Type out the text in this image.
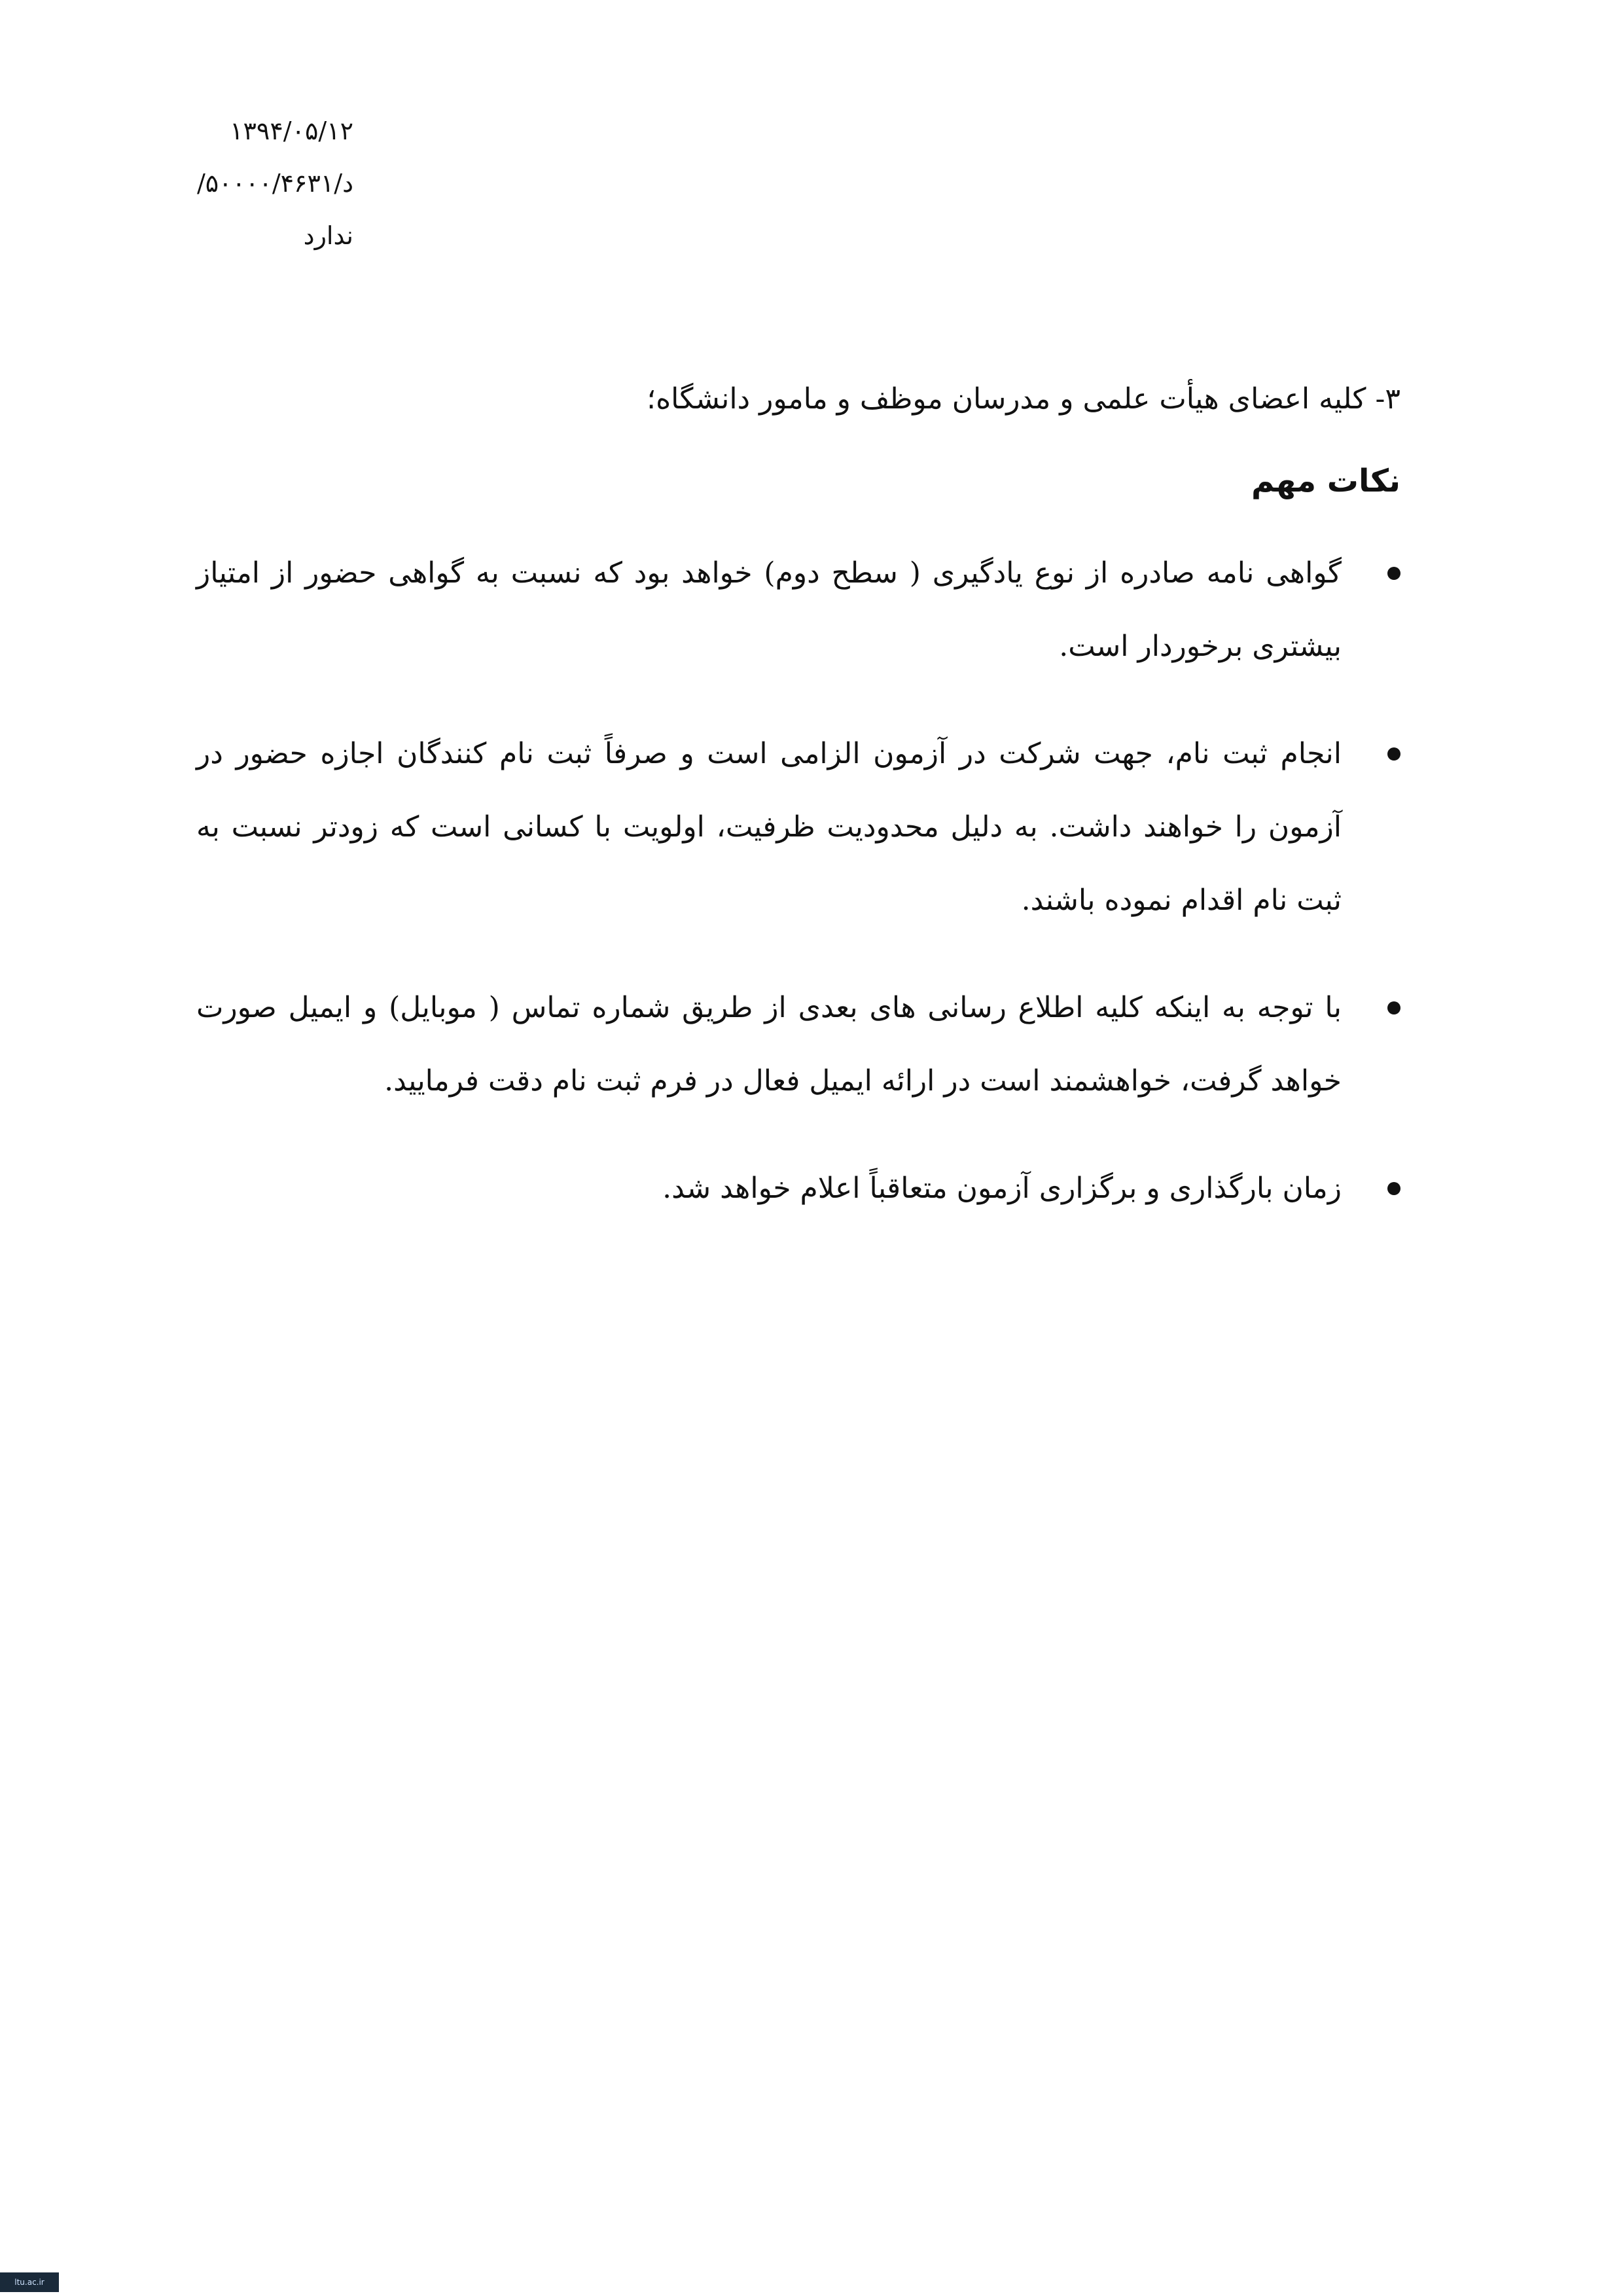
۱۳۹۴/۰۵/۱۲
د/۵۰۰۰۰/۴۶۳۱/
ندارد

۳- کلیه اعضای هیأت علمی و مدرسان موظف و مامور دانشگاه؛

نکات مهم
گواهی نامه صادره از نوع یادگیری ( سطح دوم) خواهد بود که نسبت به گواهی حضور از امتیاز بیشتری برخوردار است.
انجام ثبت نام، جهت شرکت در آزمون الزامی است و صرفاً ثبت نام کنندگان اجازه حضور در آزمون را خواهند داشت. به دلیل محدودیت ظرفیت، اولویت با کسانی است که زودتر نسبت به ثبت نام اقدام نموده باشند.
با توجه به اینکه کلیه اطلاع رسانی های بعدی از طریق شماره تماس ( موبایل) و ایمیل صورت خواهد گرفت، خواهشمند است در ارائه ایمیل فعال در فرم ثبت نام دقت فرمایید.
زمان بارگذاری و برگزاری آزمون متعاقباً اعلام خواهد شد.
ltu.ac.ir
